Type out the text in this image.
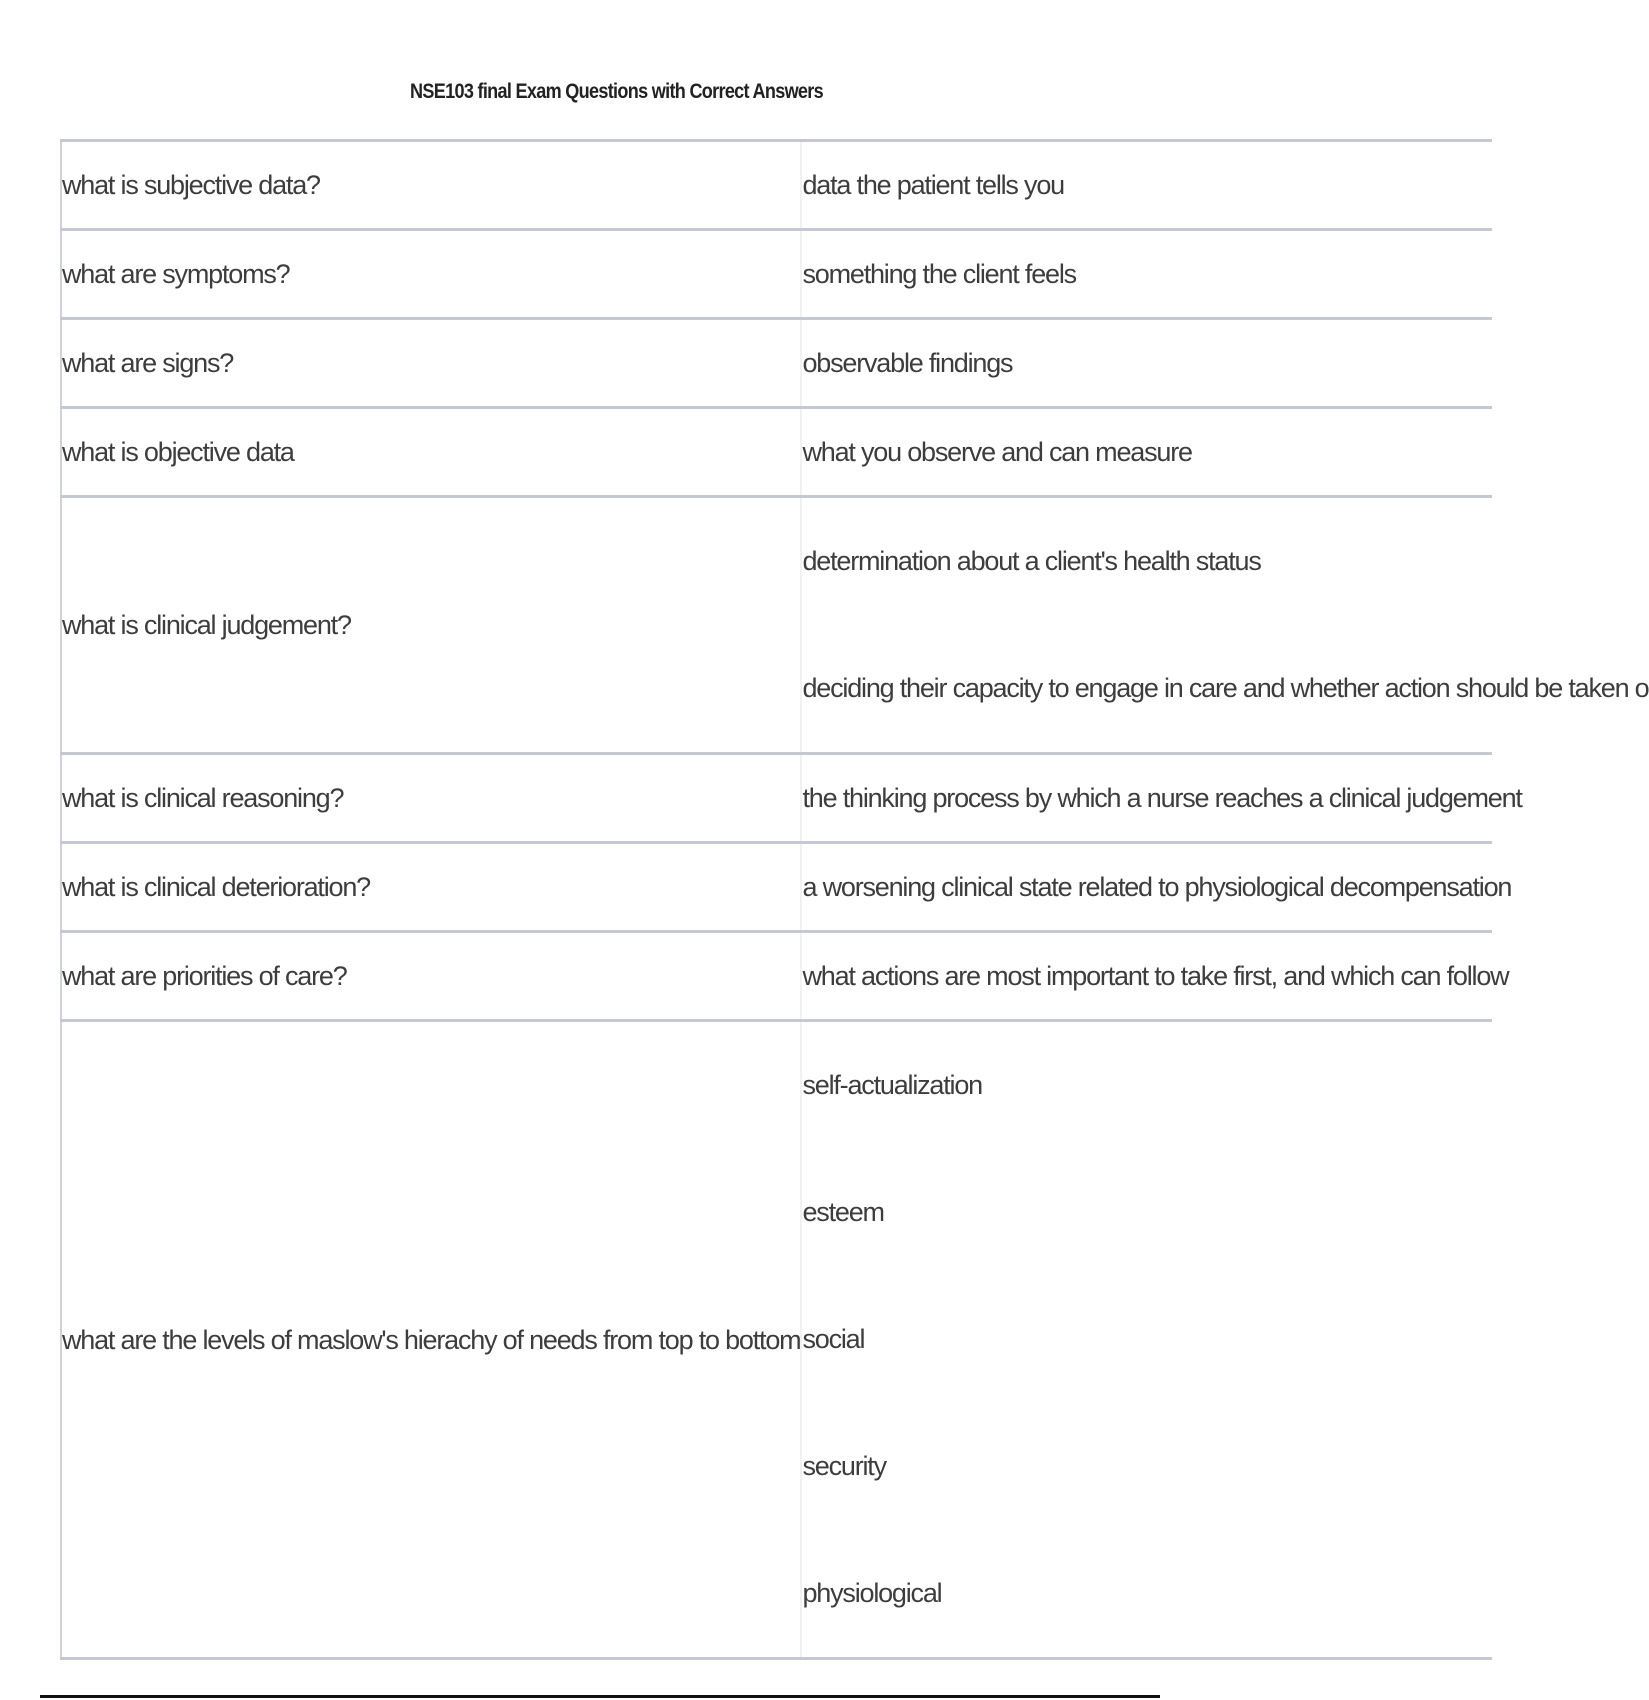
NSE103 final Exam Questions with Correct Answers
what is subjective data?	data the patient tells you

what are symptoms?	something the client feels

what are signs?	observable findings

what is objective data	what you observe and can measure

what is clinical judgement?	determination about a client's health status
deciding their capacity to engage in care and whether action should be taken o

what is clinical reasoning?	the thinking process by which a nurse reaches a clinical judgement

what is clinical deterioration?	a worsening clinical state related to physiological decompensation

what are priorities of care?	what actions are most important to take first, and which can follow

what are the levels of maslow's hierachy of needs from top to bottom	self-actualization
esteem
social
security
physiological
